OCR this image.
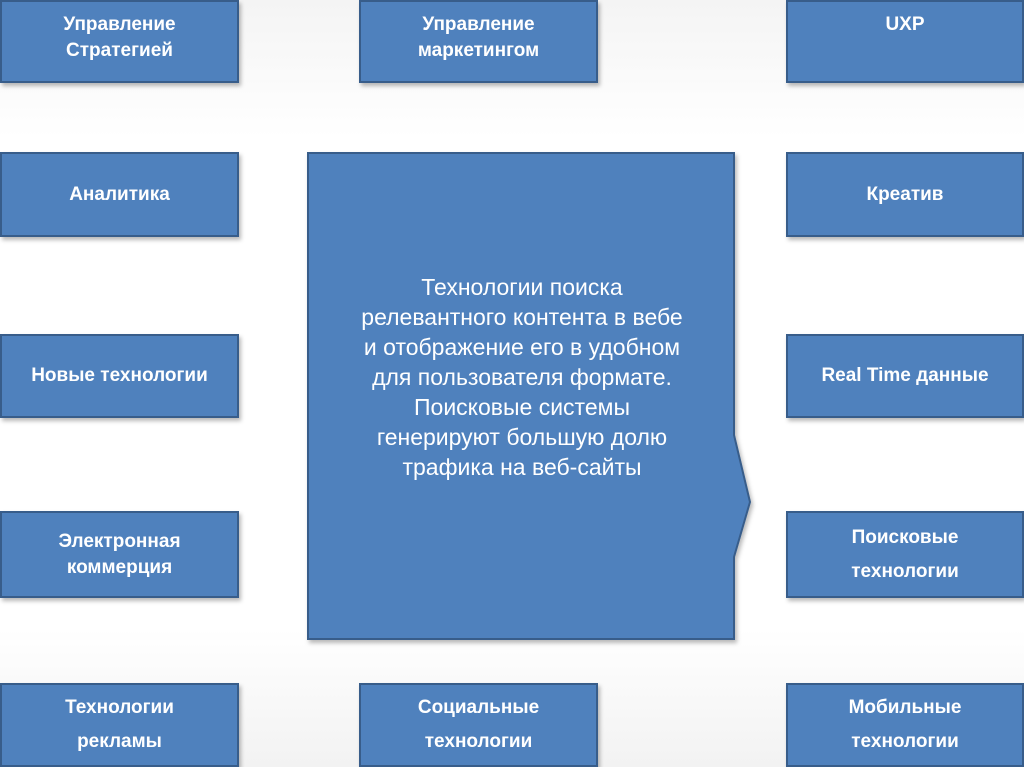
Управление
Стратегией
Управление
маркетингом
UXP
Аналитика	Креатив
Новые технологии	Real Time данные
Электронная
коммерция
Поисковые
технологии
Технологии
рекламы
Социальные
технологии
Мобильные
технологии
Технологии поиска
релевантного контента в вебе
и отображение его в удобном
для пользователя формате.
Поисковые системы
генерируют большую долю
трафика на веб-сайты
